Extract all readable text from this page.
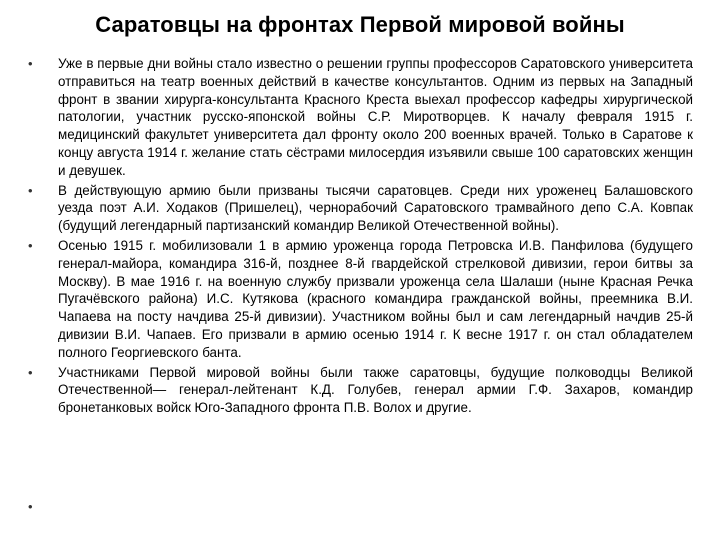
Саратовцы на фронтах Первой мировой войны
•	Уже в первые дни войны стало известно о решении группы профессоров Саратовского университета отправиться на театр военных действий в качестве консультантов. Одним из первых на Западный фронт в звании хирурга-консультанта Красного Креста выехал профессор кафедры хирургической патологии, участник русско-японской войны С.Р. Миротворцев. К началу февраля 1915 г. медицинский факультет университета дал фронту около 200 военных врачей. Только в Саратове к концу августа 1914 г. желание стать сёстрами милосердия изъявили свыше 100 саратовских женщин и девушек.
•	В действующую армию были призваны тысячи саратовцев. Среди них уроженец Балашовского уезда поэт А.И. Ходаков (Пришелец), чернорабочий Саратовского трамвайного депо С.А. Ковпак (будущий легендарный партизанский командир Великой Отечественной войны).
•	Осенью 1915 г. мобилизовали 1 в армию уроженца города Петровска И.В. Панфилова (будущего генерал-майора, командира 316-й, позднее 8-й гвардейской стрелковой дивизии, герои битвы за Москву). В мае 1916 г. на военную службу призвали уроженца села Шалаши (ныне Красная Речка Пугачёвского района) И.С. Кутякова (красного командира гражданской войны, преемника В.И. Чапаева на посту начдива 25-й дивизии). Участником войны был и сам легендарный начдив 25-й дивизии В.И. Чапаев. Его призвали в армию осенью 1914 г. К весне 1917 г. он стал обладателем полного Георгиевского банта.
•	Участниками Первой мировой войны были также саратовцы, будущие полководцы Великой Отечественной— генерал-лейтенант К.Д. Голубев, генерал армии Г.Ф. Захаров, командир бронетанковых войск Юго-Западного фронта П.В. Волох и другие.
•
